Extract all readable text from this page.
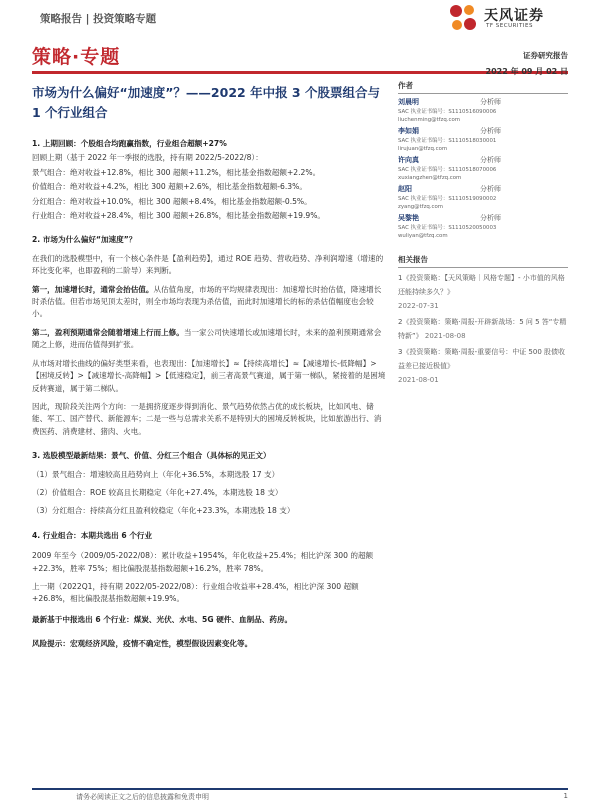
策略报告 | 投资策略专题	天风证券
TF SECURITIES
策略·专题	证券研究报告
2022 年 09 月 02 日
市场为什么偏好“加速度”？——2022 年中报 3 个股票组合与 1 个行业组合

1. 上期回顾：个股组合均跑赢指数，行业组合超额+27%

回顾上期（基于 2022 年一季报的选股，持有期 2022/5-2022/8）：

景气组合：绝对收益+12.8%，相比 300 超额+11.2%，相比基金指数超额+2.2%。

价值组合：绝对收益+4.2%，相比 300 超额+2.6%，相比基金指数超额-6.3%。

分红组合：绝对收益+10.0%，相比 300 超额+8.4%，相比基金指数超额-0.5%。

行业组合：绝对收益+28.4%，相比 300 超额+26.8%，相比基金指数超额+19.9%。

2. 市场为什么偏好“加速度”？

在我们的选股模型中，有一个核心条件是【盈利趋势】，通过 ROE 趋势、营收趋势、净利润增速（增速的环比变化率，也即盈利的二阶导）来判断。

第一，加速增长时，通常会抬估值。从估值角度，市场的平均规律表现出：加速增长时抬估值，降速增长时杀估值。但若市场见顶太差时，则全市场均表现为杀估值，而此时加速增长的标的杀估值幅度也会较小。

第二，盈利预期通常会随着增速上行而上修。当一家公司快速增长或加速增长时，未来的盈利预期通常会随之上修，进而估值得到扩张。

从市场对增长曲线的偏好类型来看，也表现出：【加速增长】≈【持续高增长】≈【减速增长-低降幅】>【困境反转】>【减速增长-高降幅】>【低速稳定】，前三者高景气赛道，属于第一梯队，紧接着的是困境反转赛道，属于第二梯队。

因此，现阶段关注两个方向：一是拥挤度逐步得到消化、景气趋势依然占优的成长板块，比如风电、储能、军工、国产替代、新能源车；二是一些与总需求关系不是特别大的困境反转板块，比如旅游出行、消费医药、消费建材、猪肉、火电。

3. 选股模型最新结果：景气、价值、分红三个组合（具体标的见正文）

（1）景气组合：增速较高且趋势向上（年化+36.5%，本期选股 17 支）

（2）价值组合：ROE 较高且长期稳定（年化+27.4%，本期选股 18 支）

（3）分红组合：持续高分红且盈利较稳定（年化+23.3%，本期选股 18 支）

4. 行业组合：本期共选出 6 个行业

2009 年至今（2009/05-2022/08）：累计收益+1954%，年化收益+25.4%；相比沪深 300 的超额+22.3%，胜率 75%；相比偏股混基指数超额+16.2%，胜率 78%。

上一期（2022Q1，持有期 2022/05-2022/08）：行业组合收益率+28.4%，相比沪深 300 超额+26.8%，相比偏股混基指数超额+19.9%。

最新基于中报选出 6 个行业：煤炭、光伏、水电、5G 硬件、血制品、药房。

风险提示：宏观经济风险，疫情不确定性，模型假设因素变化等。

作者
刘晨明	分析师
SAC 执业证书编号：S1110516090006
liuchenming@tfzq.com
李如娟	分析师
SAC 执业证书编号：S1110518030001
lirujuan@tfzq.com
许向真	分析师
SAC 执业证书编号：S1110518070006
xuxiangzhen@tfzq.com
赵阳	分析师
SAC 执业证书编号：S1110519090002
zyang@tfzq.com
吴黎艳	分析师
SAC 执业证书编号：S1110520050003
wuliyan@tfzq.com
相关报告
1《投资策略：【天风策略｜风格专题】- 小市值的风格还能持续多久？》
2022-07-31
2《投资策略：策略·周报-开辟新战场：5 问 5 答“专精特新”》 2021-08-08
3《投资策略：策略·周报-重要信号：中证 500 股债收益差已接近极值》
2021-08-01
请务必阅读正文之后的信息披露和免责申明	1
